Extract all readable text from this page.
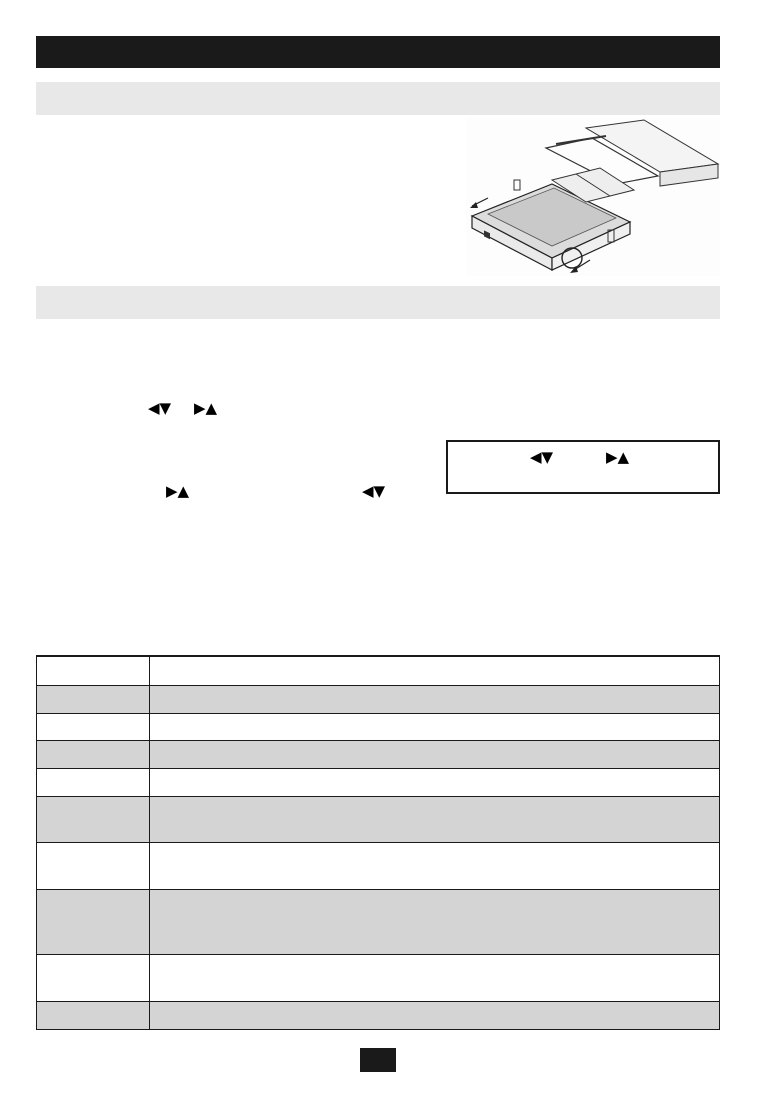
◀▼ ▶▲
▶▲	◀▼
◀▼	▶▲
